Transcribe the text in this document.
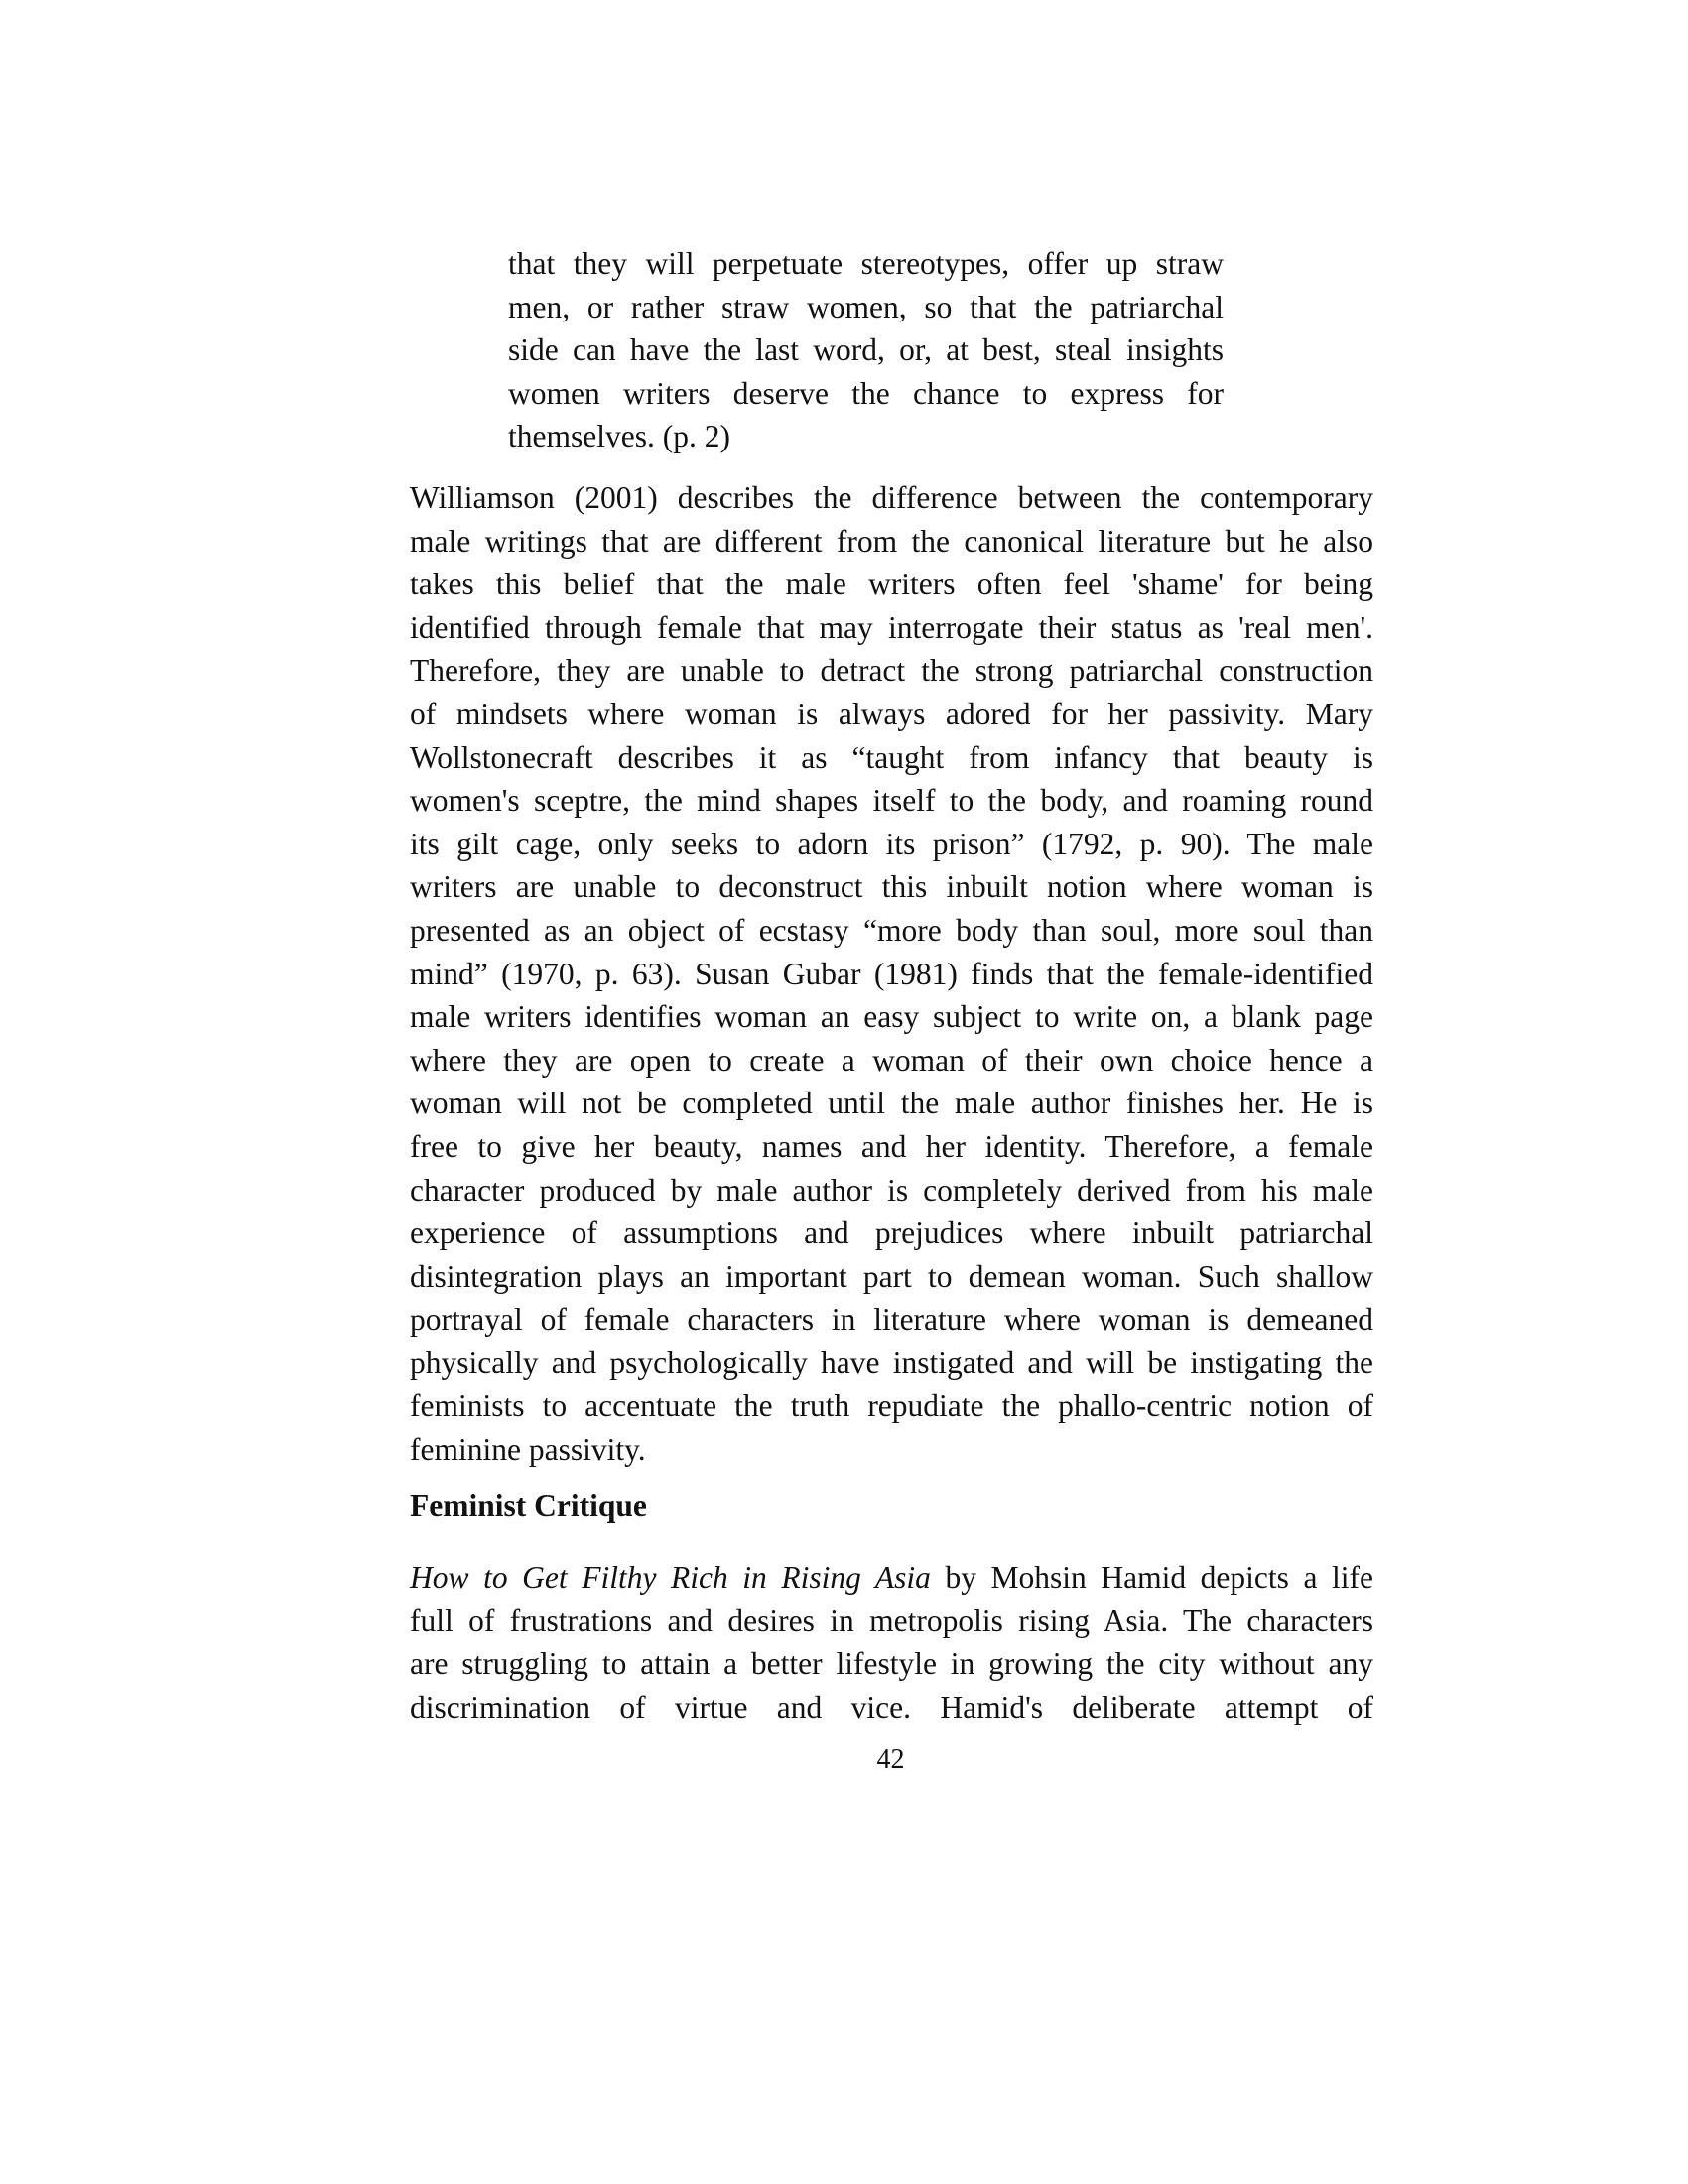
that they will perpetuate stereotypes, offer up straw
men, or rather straw women, so that the patriarchal
side can have the last word, or, at best, steal insights
women writers deserve the chance to express for
themselves. (p. 2)
Williamson (2001) describes the difference between the contemporary
male writings that are different from the canonical literature but he also
takes this belief that the male writers often feel 'shame' for being
identified through female that may interrogate their status as 'real men'.
Therefore, they are unable to detract the strong patriarchal construction
of mindsets where woman is always adored for her passivity. Mary
Wollstonecraft describes it as “taught from infancy that beauty is
women's sceptre, the mind shapes itself to the body, and roaming round
its gilt cage, only seeks to adorn its prison” (1792, p. 90). The male
writers are unable to deconstruct this inbuilt notion where woman is
presented as an object of ecstasy “more body than soul, more soul than
mind” (1970, p. 63). Susan Gubar (1981) finds that the female-identified
male writers identifies woman an easy subject to write on, a blank page
where they are open to create a woman of their own choice hence a
woman will not be completed until the male author finishes her. He is
free to give her beauty, names and her identity. Therefore, a female
character produced by male author is completely derived from his male
experience of assumptions and prejudices where inbuilt patriarchal
disintegration plays an important part to demean woman. Such shallow
portrayal of female characters in literature where woman is demeaned
physically and psychologically have instigated and will be instigating the
feminists to accentuate the truth repudiate the phallo-centric notion of
feminine passivity.
Feminist Critique
How to Get Filthy Rich in Rising Asia by Mohsin Hamid depicts a life
full of frustrations and desires in metropolis rising Asia. The characters
are struggling to attain a better lifestyle in growing the city without any
discrimination of virtue and vice. Hamid's deliberate attempt of
42
